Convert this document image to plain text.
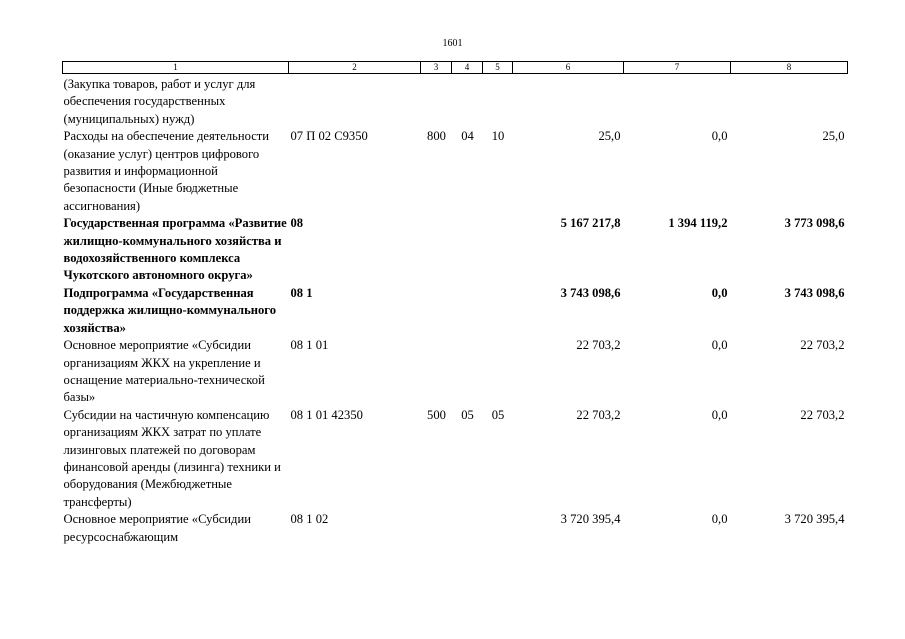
1601
1	2	3	4	5	6	7	8
(Закупка товаров, работ и услуг для обеспечения государственных (муниципальных) нужд)							
Расходы на обеспечение деятельности (оказание услуг) центров цифрового развития и информационной безопасности (Иные бюджетные ассигнования)	07 П 02 С9350	800	04	10	25,0	0,0	25,0
Государственная программа «Развитие жилищно-коммунального хозяйства и водохозяйственного комплекса Чукотского автономного округа»	08				5 167 217,8	1 394 119,2	3 773 098,6
Подпрограмма «Государственная поддержка жилищно-коммунального хозяйства»	08 1				3 743 098,6	0,0	3 743 098,6
Основное мероприятие «Субсидии организациям ЖКХ на укрепление и оснащение материально-технической базы»	08 1 01				22 703,2	0,0	22 703,2
Субсидии на частичную компенсацию организациям ЖКХ затрат по уплате лизинговых платежей по договорам финансовой аренды (лизинга) техники и оборудования (Межбюджетные трансферты)	08 1 01 42350	500	05	05	22 703,2	0,0	22 703,2
Основное мероприятие «Субсидии ресурсоснабжающим	08 1 02				3 720 395,4	0,0	3 720 395,4
